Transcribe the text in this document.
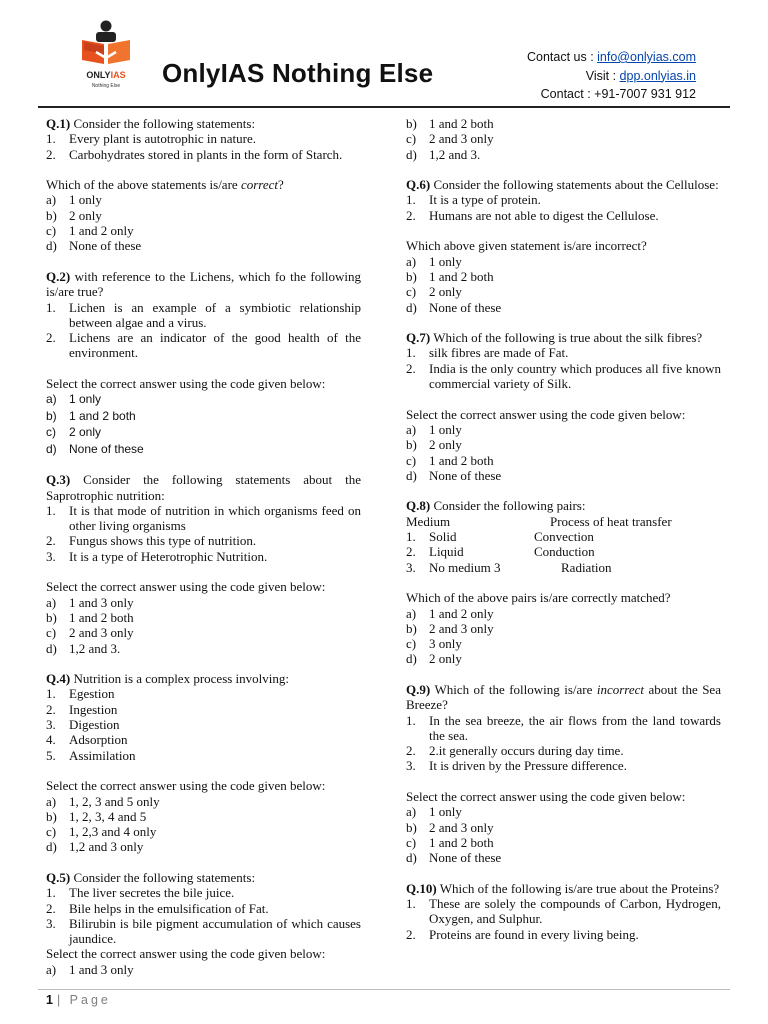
ONLYIAS
Nothing Else OnlyIAS Nothing Else
Contact us : info@onlyias.com
Visit : dpp.onlyias.in
Contact : +91-7007 931 912
Q.1) Consider the following statements:
1. Every plant is autotrophic in nature.
2. Carbohydrates stored in plants in the form of Starch.
Which of the above statements is/are correct?
a) 1 only
b) 2 only
c) 1 and 2 only
d) None of these
Q.2) with reference to the Lichens, which fo the following is/are true?
1. Lichen is an example of a symbiotic relationship between algae and a virus.
2. Lichens are an indicator of the good health of the environment.
Select the correct answer using the code given below:
a) 1 only
b) 1 and 2 both
c) 2 only
d) None of these
Q.3) Consider the following statements about the Saprotrophic nutrition:
1. It is that mode of nutrition in which organisms feed on other living organisms
2. Fungus shows this type of nutrition.
3. It is a type of Heterotrophic Nutrition.
Select the correct answer using the code given below:
a) 1 and 3 only
b) 1 and 2 both
c) 2 and 3 only
d) 1,2 and 3.
Q.4) Nutrition is a complex process involving:
1. Egestion
2. Ingestion
3. Digestion
4. Adsorption
5. Assimilation
Select the correct answer using the code given below:
a) 1, 2, 3 and 5 only
b) 1, 2, 3, 4 and 5
c) 1, 2,3 and 4 only
d) 1,2 and 3 only
Q.5) Consider the following statements:
1. The liver secretes the bile juice.
2. Bile helps in the emulsification of Fat.
3. Bilirubin is bile pigment accumulation of which causes jaundice.
Select the correct answer using the code given below:
a) 1 and 3 only
b) 1 and 2 both
c) 2 and 3 only
d) 1,2 and 3.
Q.6) Consider the following statements about the Cellulose:
1. It is a type of protein.
2. Humans are not able to digest the Cellulose.
Which above given statement is/are incorrect?
a) 1 only
b) 1 and 2 both
c) 2 only
d) None of these
Q.7) Which of the following is true about the silk fibres?
1. silk fibres are made of Fat.
2. India is the only country which produces all five known commercial variety of Silk.
Select the correct answer using the code given below:
a) 1 only
b) 2 only
c) 1 and 2 both
d) None of these
Q.8) Consider the following pairs:
Medium	Process of heat transfer
1. Solid	Convection
2. Liquid	Conduction
3. No medium 3	Radiation
Which of the above pairs is/are correctly matched?
a) 1 and 2 only
b) 2 and 3 only
c) 3 only
d) 2 only
Q.9) Which of the following is/are incorrect about the Sea Breeze?
1. In the sea breeze, the air flows from the land towards the sea.
2. 2.it generally occurs during day time.
3. It is driven by the Pressure difference.
Select the correct answer using the code given below:
a) 1 only
b) 2 and 3 only
c) 1 and 2 both
d) None of these
Q.10) Which of the following is/are true about the Proteins?
1. These are solely the compounds of Carbon, Hydrogen, Oxygen, and Sulphur.
2. Proteins are found in every living being.
1 | Page
